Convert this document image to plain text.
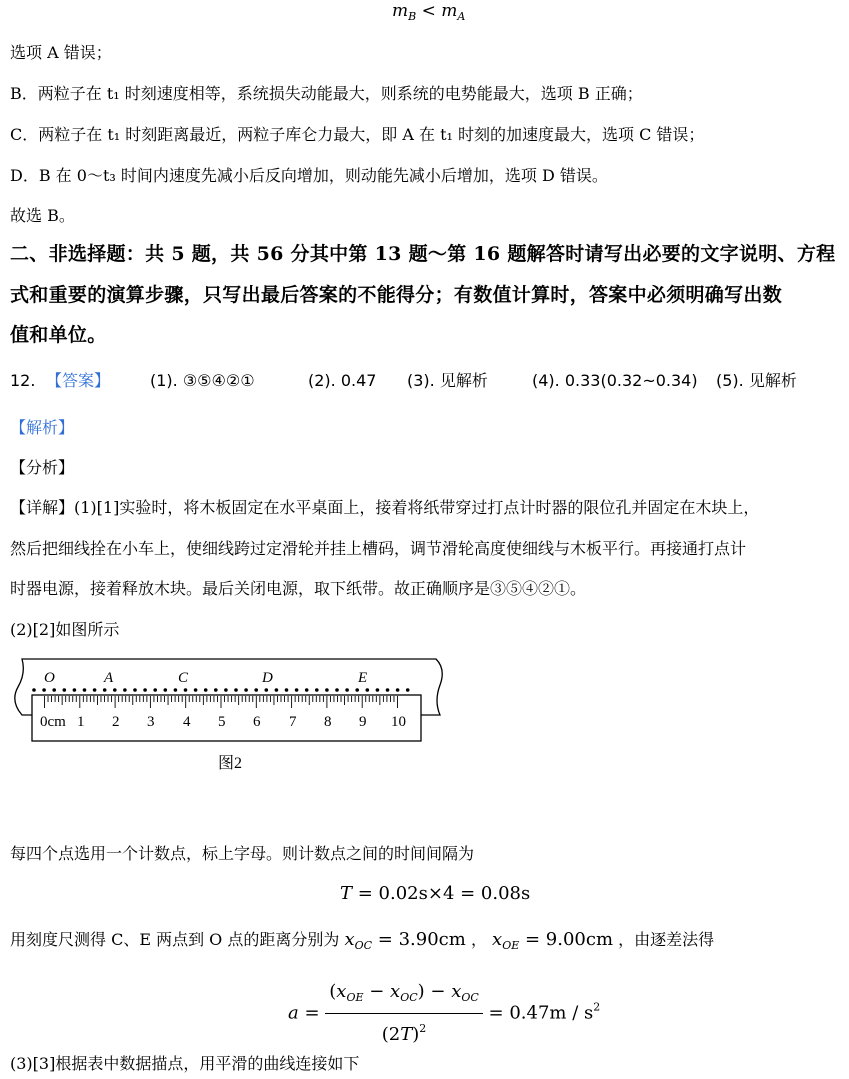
$m_B < m_A$
选项 A 错误；
B．两粒子在 t₁ 时刻速度相等，系统损失动能最大，则系统的电势能最大，选项 B 正确；
C．两粒子在 t₁ 时刻距离最近，两粒子库仑力最大，即 A 在 t₁ 时刻的加速度最大，选项 C 错误；
D．B 在 0～t₃ 时间内速度先减小后反向增加，则动能先减小后增加，选项 D 错误。
故选 B。
二、非选择题：共 5 题，共 56 分其中第 13 题～第 16 题解答时请写出必要的文字说明、方程
式和重要的演算步骤，只写出最后答案的不能得分；有数值计算时，答案中必须明确写出数
值和单位。
12. 【答案】 (1). ③⑤④②①	(2). 0.47 (3). 见解析	(4). 0.33(0.32~0.34) (5). 见解析
【解析】
【分析】
【详解】(1)[1]实验时，将木板固定在水平桌面上，接着将纸带穿过打点计时器的限位孔并固定在木块上，
然后把细线拴在小车上，使细线跨过定滑轮并挂上槽码，调节滑轮高度使细线与木板平行。再接通打点计
时器电源，接着释放木块。最后关闭电源，取下纸带。故正确顺序是③⑤④②①。
(2)[2]如图所示
O	A	C	D	E
0cm 1 2 3 4 5 6 7 8 9 10
图2
每四个点选用一个计数点，标上字母。则计数点之间的时间间隔为
T = 0.02s×4 = 0.08s
用刻度尺测得 C、E 两点到 O 点的距离分别为 $x_{OC} = 3.90cm$ ， $x_{OE} = 9.00cm$ ，由逐差法得
$a = \frac{(x_{OE} - x_{OC}) - x_{OC}}{(2T)^2} = 0.47m / s^2$
(3)[3]根据表中数据描点，用平滑的曲线连接如下
